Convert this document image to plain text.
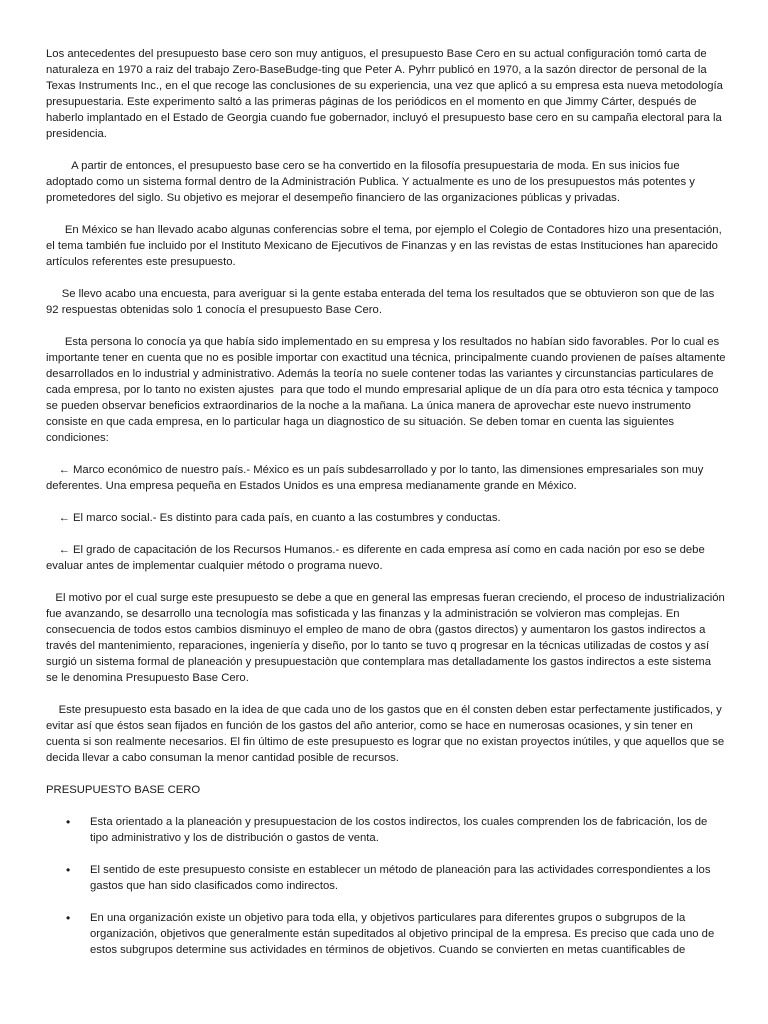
Los antecedentes del presupuesto base cero son muy antiguos, el presupuesto Base Cero en su actual configuración tomó carta de naturaleza en 1970 a raiz del trabajo Zero-BaseBudge-ting que Peter A. Pyhrr publicó en 1970, a la sazón director de personal de la Texas Instruments Inc., en el que recoge las conclusiones de su experiencia, una vez que aplicó a su empresa esta nueva metodología presupuestaria. Este experimento saltó a las primeras páginas de los periódicos en el momento en que Jimmy Cárter, después de haberlo implantado en el Estado de Georgia cuando fue gobernador, incluyó el presupuesto base cero en su campaña electoral para la presidencia.

A partir de entonces, el presupuesto base cero se ha convertido en la filosofía presupuestaria de moda. En sus inicios fue adoptado como un sistema formal dentro de la Administración Publica. Y actualmente es uno de los presupuestos más potentes y prometedores del siglo. Su objetivo es mejorar el desempeño financiero de las organizaciones públicas y privadas.

En México se han llevado acabo algunas conferencias sobre el tema, por ejemplo el Colegio de Contadores hizo una presentación, el tema también fue incluido por el Instituto Mexicano de Ejecutivos de Finanzas y en las revistas de estas Instituciones han aparecido artículos referentes este presupuesto.

Se llevo acabo una encuesta, para averiguar si la gente estaba enterada del tema los resultados que se obtuvieron son que de las 92 respuestas obtenidas solo 1 conocía el presupuesto Base Cero.

Esta persona lo conocía ya que había sido implementado en su empresa y los resultados no habían sido favorables. Por lo cual es importante tener en cuenta que no es posible importar con exactitud una técnica, principalmente cuando provienen de países altamente desarrollados en lo industrial y administrativo. Además la teoría no suele contener todas las variantes y circunstancias particulares de cada empresa, por lo tanto no existen ajustes  para que todo el mundo empresarial aplique de un día para otro esta técnica y tampoco se pueden observar beneficios extraordinarios de la noche a la mañana. La única manera de aprovechar este nuevo instrumento consiste en que cada empresa, en lo particular haga un diagnostico de su situación. Se deben tomar en cuenta las siguientes condiciones:

← Marco económico de nuestro país.- México es un país subdesarrollado y por lo tanto, las dimensiones empresariales son muy deferentes. Una empresa pequeña en Estados Unidos es una empresa medianamente grande en México.

← El marco social.- Es distinto para cada país, en cuanto a las costumbres y conductas.

← El grado de capacitación de los Recursos Humanos.- es diferente en cada empresa así como en cada nación por eso se debe evaluar antes de implementar cualquier método o programa nuevo.

El motivo por el cual surge este presupuesto se debe a que en general las empresas fueran creciendo, el proceso de industrialización fue avanzando, se desarrollo una tecnología mas sofisticada y las finanzas y la administración se volvieron mas complejas. En consecuencia de todos estos cambios disminuyo el empleo de mano de obra (gastos directos) y aumentaron los gastos indirectos a través del mantenimiento, reparaciones, ingeniería y diseño, por lo tanto se tuvo q progresar en la técnicas utilizadas de costos y así surgió un sistema formal de planeación y presupuestaciòn que contemplara mas detalladamente los gastos indirectos a este sistema se le denomina Presupuesto Base Cero.

Este presupuesto esta basado en la idea de que cada uno de los gastos que en él consten deben estar perfectamente justificados, y evitar así que éstos sean fijados en función de los gastos del año anterior, como se hace en numerosas ocasiones, y sin tener en cuenta si son realmente necesarios. El fin último de este presupuesto es lograr que no existan proyectos inútiles, y que aquellos que se decida llevar a cabo consuman la menor cantidad posible de recursos.

PRESUPUESTO BASE CERO

• Esta orientado a la planeación y presupuestacion de los costos indirectos, los cuales comprenden los de fabricación, los de tipo administrativo y los de distribución o gastos de venta.
• El sentido de este presupuesto consiste en establecer un método de planeación para las actividades correspondientes a los gastos que han sido clasificados como indirectos.
• En una organización existe un objetivo para toda ella, y objetivos particulares para diferentes grupos o subgrupos de la organización, objetivos que generalmente están supeditados al objetivo principal de la empresa. Es preciso que cada uno de estos subgrupos determine sus actividades en términos de objetivos. Cuando se convierten en metas cuantificables de
